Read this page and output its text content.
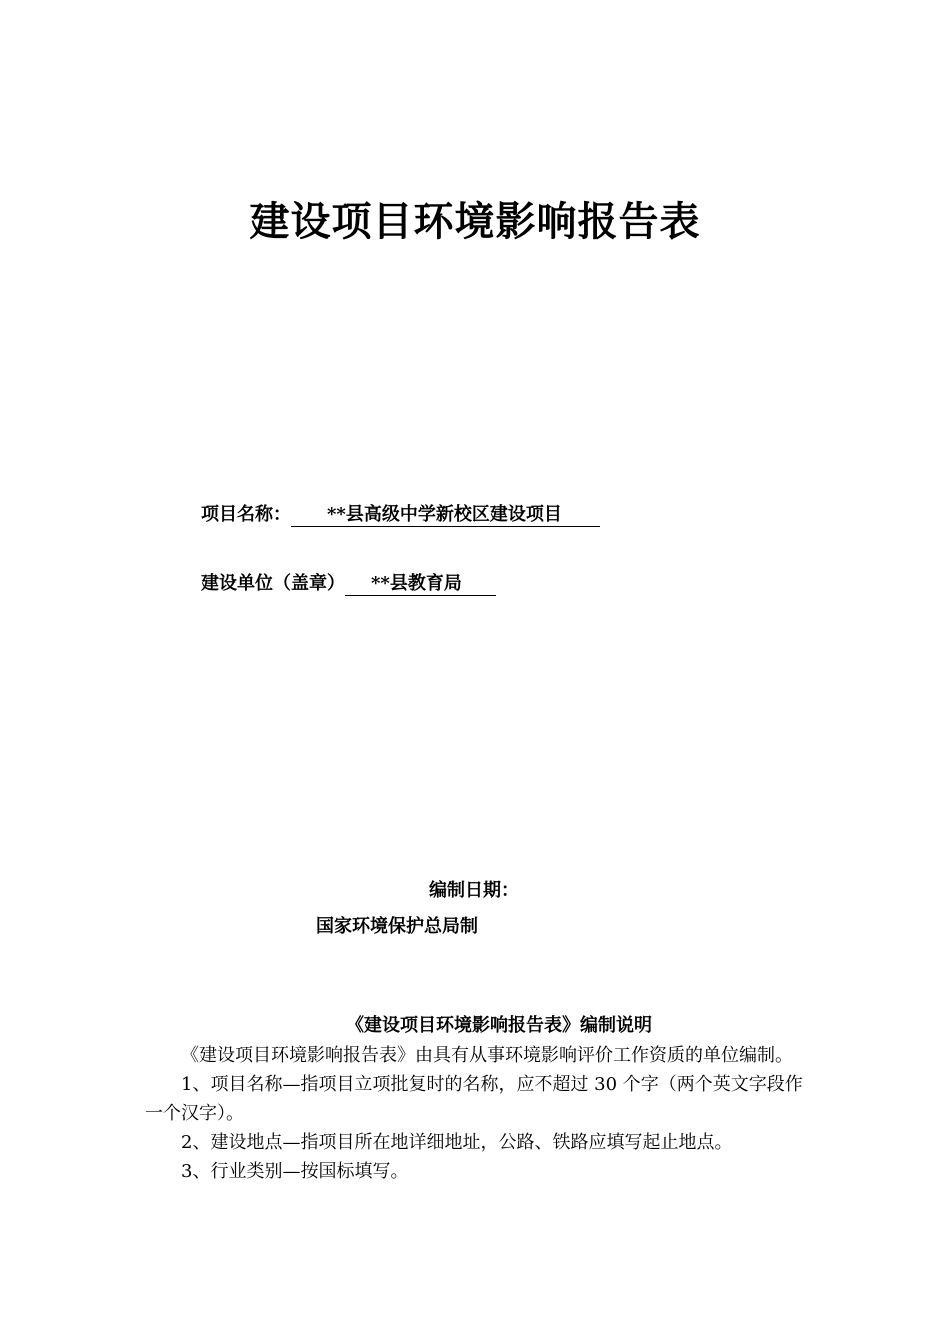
建设项目环境影响报告表
项目名称： **县高级中学新校区建设项目
建设单位（盖章） **县教育局
编制日期：
国家环境保护总局制
《建设项目环境影响报告表》编制说明

《建设项目环境影响报告表》由具有从事环境影响评价工作资质的单位编制。

1、项目名称—指项目立项批复时的名称，应不超过 30 个字（两个英文字段作一个汉字）。

2、建设地点—指项目所在地详细地址，公路、铁路应填写起止地点。

3、行业类别—按国标填写。
